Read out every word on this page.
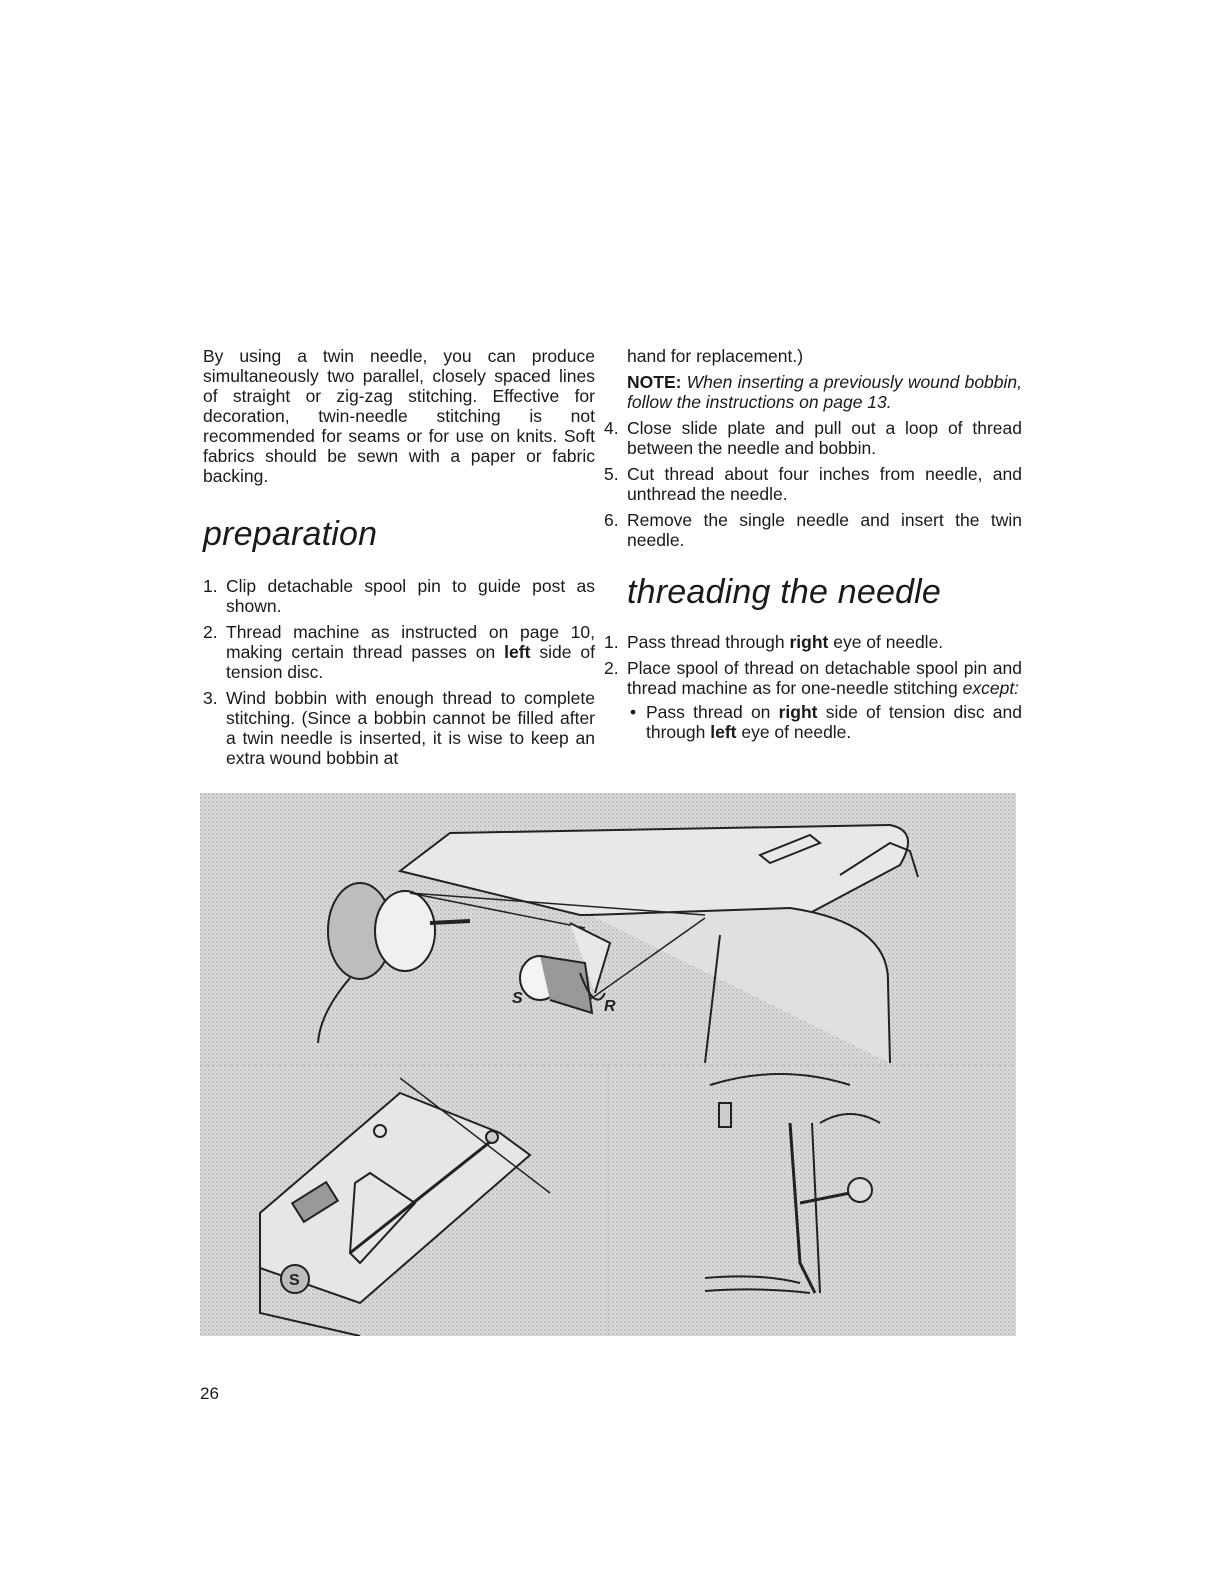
By using a twin needle, you can produce simultaneously two parallel, closely spaced lines of straight or zig-zag stitching. Effective for decoration, twin-needle stitching is not recommended for seams or for use on knits. Soft fabrics should be sewn with a paper or fabric backing.

preparation
1. Clip detachable spool pin to guide post as shown.
2. Thread machine as instructed on page 10, making certain thread passes on left side of tension disc.
3. Wind bobbin with enough thread to complete stitching. (Since a bobbin cannot be filled after a twin needle is inserted, it is wise to keep an extra wound bobbin at

hand for replacement.)

NOTE: When inserting a previously wound bobbin, follow the instructions on page 13.

4. Close slide plate and pull out a loop of thread between the needle and bobbin.
5. Cut thread about four inches from needle, and unthread the needle.
6. Remove the single needle and insert the twin needle.
threading the needle
1. Pass thread through right eye of needle.
2. Place spool of thread on detachable spool pin and thread machine as for one-needle stitching except:
• Pass thread on right side of tension disc and through left eye of needle.
S	R
S
26
